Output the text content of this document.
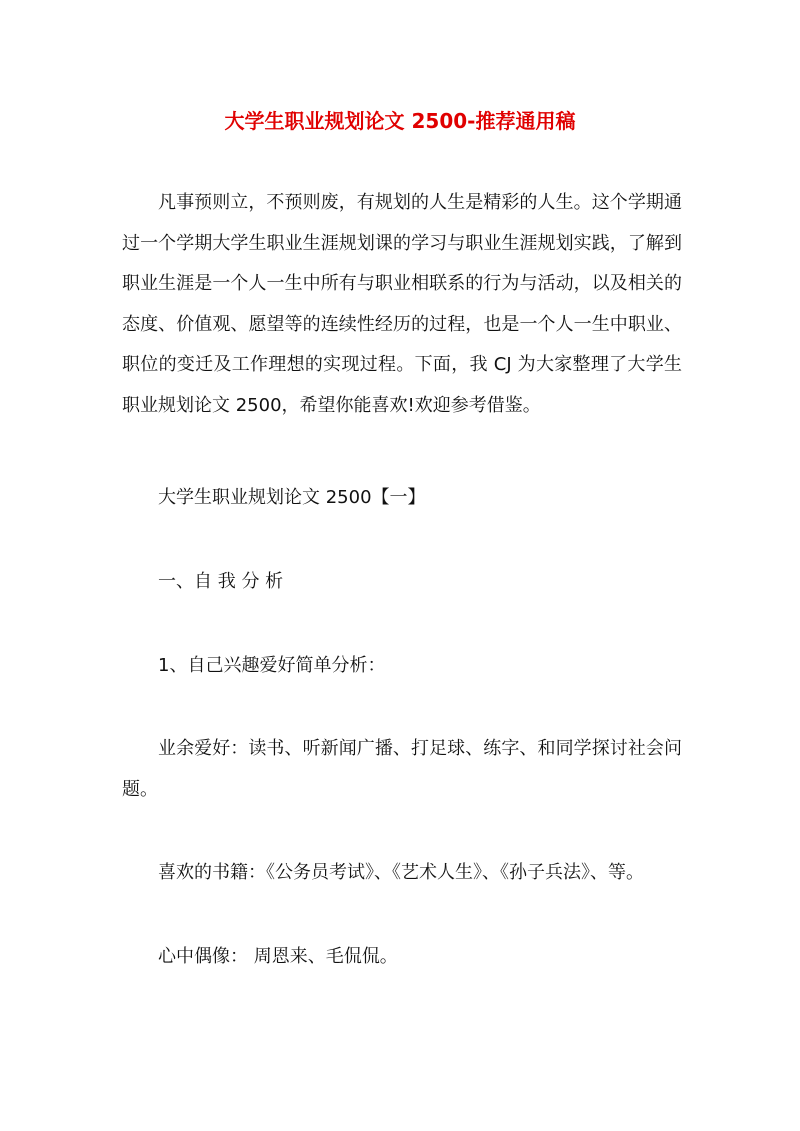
大学生职业规划论文 2500-推荐通用稿

凡事预则立，不预则废，有规划的人生是精彩的人生。这个学期通过一个学期大学生职业生涯规划课的学习与职业生涯规划实践，了解到职业生涯是一个人一生中所有与职业相联系的行为与活动，以及相关的态度、价值观、愿望等的连续性经历的过程，也是一个人一生中职业、职位的变迁及工作理想的实现过程。下面，我 CJ 为大家整理了大学生职业规划论文 2500，希望你能喜欢!欢迎参考借鉴。

大学生职业规划论文 2500【一】

一、自 我 分 析

1、自己兴趣爱好简单分析：

业余爱好：读书、听新闻广播、打足球、练字、和同学探讨社会问题。

喜欢的书籍：《公务员考试》、《艺术人生》、《孙子兵法》、等。

心中偶像： 周恩来、毛侃侃。
